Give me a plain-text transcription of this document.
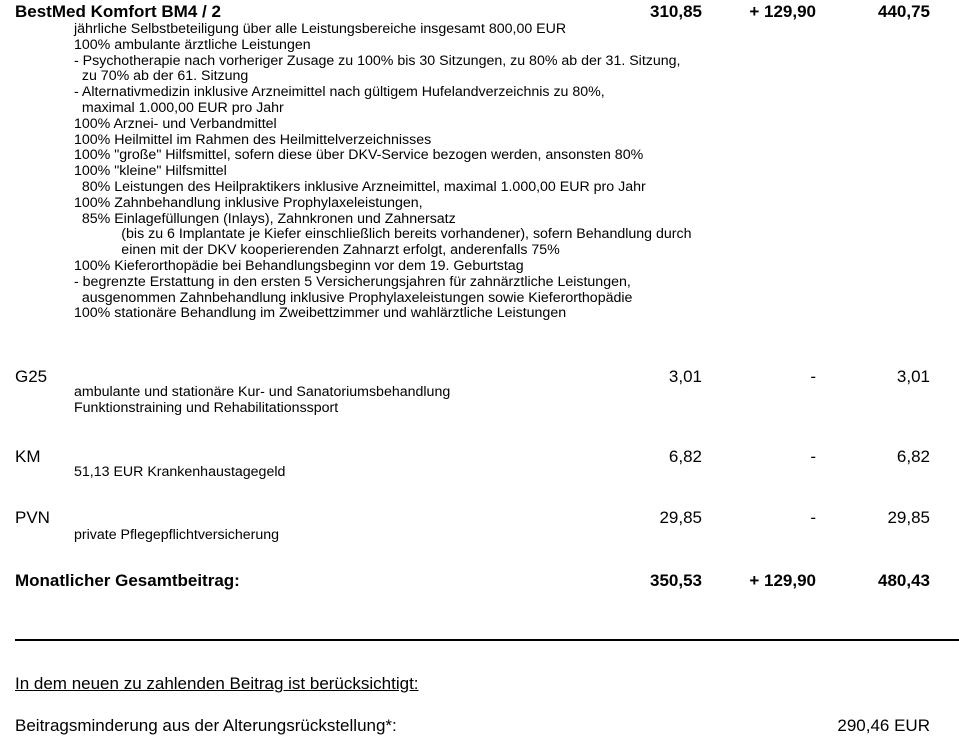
BestMed Komfort BM4 / 2	310,85	+ 129,90	440,75
jährliche Selbstbeteiligung über alle Leistungsbereiche insgesamt 800,00 EUR
100% ambulante ärztliche Leistungen
- Psychotherapie nach vorheriger Zusage zu 100% bis 30 Sitzungen, zu 80% ab der 31. Sitzung,
zu 70% ab der 61. Sitzung
- Alternativmedizin inklusive Arzneimittel nach gültigem Hufelandverzeichnis zu 80%,
maximal 1.000,00 EUR pro Jahr
100% Arznei- und Verbandmittel
100% Heilmittel im Rahmen des Heilmittelverzeichnisses
100% "große" Hilfsmittel, sofern diese über DKV-Service bezogen werden, ansonsten 80%
100% "kleine" Hilfsmittel
80% Leistungen des Heilpraktikers inklusive Arzneimittel, maximal 1.000,00 EUR pro Jahr
100% Zahnbehandlung inklusive Prophylaxeleistungen,
85% Einlagefüllungen (Inlays), Zahnkronen und Zahnersatz
(bis zu 6 Implantate je Kiefer einschließlich bereits vorhandener), sofern Behandlung durch
einen mit der DKV kooperierenden Zahnarzt erfolgt, anderenfalls 75%
100% Kieferorthopädie bei Behandlungsbeginn vor dem 19. Geburtstag
- begrenzte Erstattung in den ersten 5 Versicherungsjahren für zahnärztliche Leistungen,
ausgenommen Zahnbehandlung inklusive Prophylaxeleistungen sowie Kieferorthopädie
100% stationäre Behandlung im Zweibettzimmer und wahlärztliche Leistungen
G25	3,01	-	3,01
ambulante und stationäre Kur- und Sanatoriumsbehandlung
Funktionstraining und Rehabilitationssport
KM	6,82	-	6,82
51,13 EUR Krankenhaustagegeld
PVN	29,85	-	29,85
private Pflegepflichtversicherung
Monatlicher Gesamtbeitrag:	350,53	+ 129,90	480,43
In dem neuen zu zahlenden Beitrag ist berücksichtigt:
Beitragsminderung aus der Alterungsrückstellung*:	290,46 EUR
